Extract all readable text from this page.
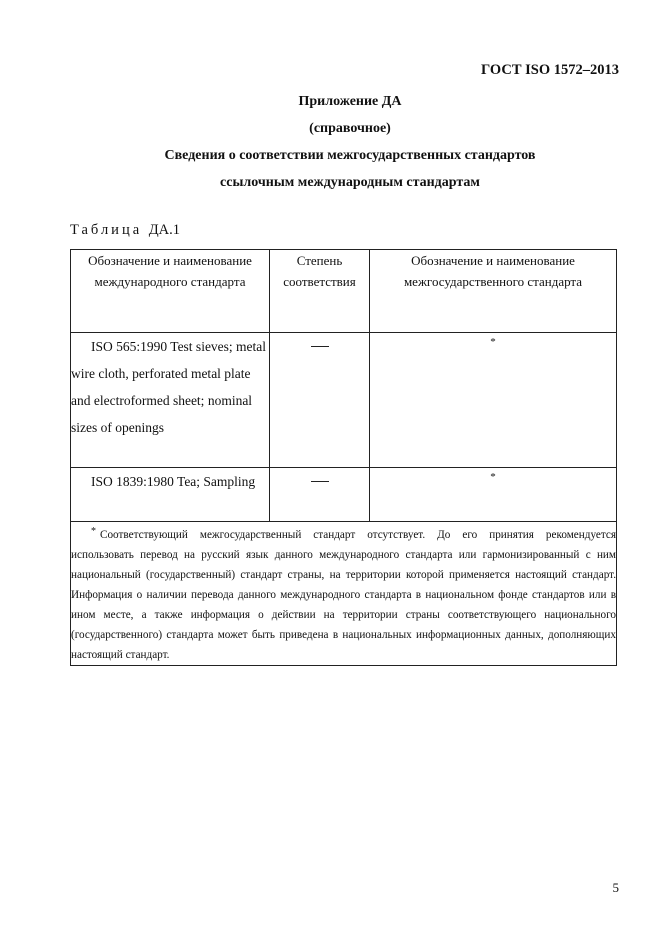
ГОСТ ISO 1572–2013
Приложение ДА
(справочное)
Сведения о соответствии межгосударственных стандартов
ссылочным международным стандартам
Таблица ДА.1
Обозначение и наименование международного стандарта	Степень соответствия	Обозначение и наименование межгосударственного стандарта
ISO 565:1990 Test sieves; metal wire cloth, perforated metal plate and electroformed sheet; nominal sizes of openings		*
ISO 1839:1980 Tea; Sampling		*
* Соответствующий межгосударственный стандарт отсутствует. До его принятия рекомендуется использовать перевод на русский язык данного международного стандарта или гармонизированный с ним национальный (государственный) стандарт страны, на территории которой применяется настоящий стандарт. Информация о наличии перевода данного международного стандарта в национальном фонде стандартов или в ином месте, а также информация о действии на территории страны соответствующего национального (государственного) стандарта может быть приведена в национальных информационных данных, дополняющих настоящий стандарт.		
5
